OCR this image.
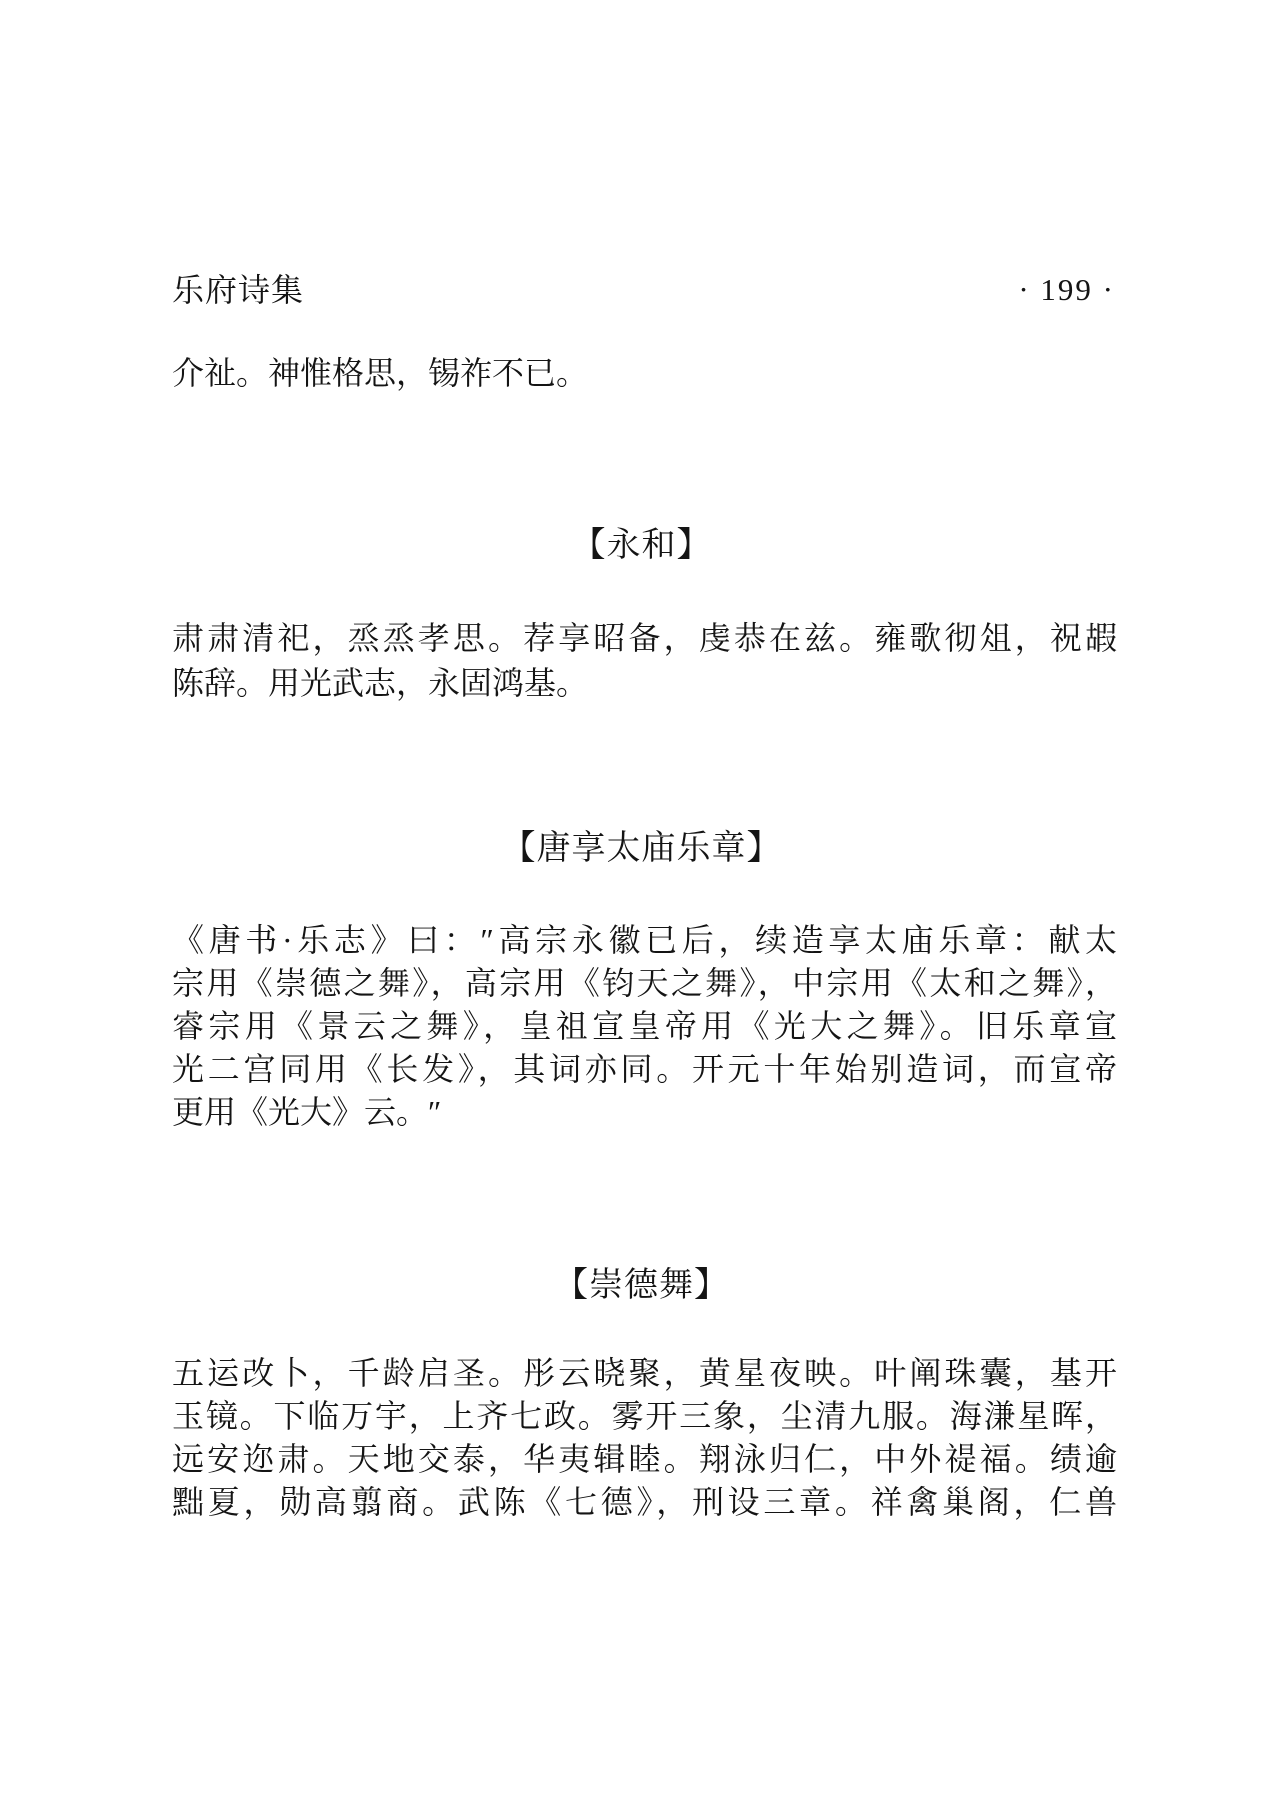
乐府诗集	· 199 ·
介祉。神惟格思，锡祚不已。
【永和】
肃肃清祀，烝烝孝思。荐享昭备，虔恭在兹。雍歌彻俎，祝嘏
陈辞。用光武志，永固鸿基。
【唐享太庙乐章】
《唐书·乐志》曰：″高宗永徽已后，续造享太庙乐章：献太
宗用《崇德之舞》，高宗用《钧天之舞》，中宗用《太和之舞》，
睿宗用《景云之舞》，皇祖宣皇帝用《光大之舞》。旧乐章宣
光二宫同用《长发》，其词亦同。开元十年始别造词，而宣帝
更用《光大》云。″
【崇德舞】
五运改卜，千龄启圣。彤云晓聚，黄星夜映。叶阐珠囊，基开
玉镜。下临万宇，上齐七政。雾开三象，尘清九服。海溓星晖，
远安迩肃。天地交泰，华夷辑睦。翔泳归仁，中外禔福。绩逾
黜夏，勋高翦商。武陈《七德》，刑设三章。祥禽巢阁，仁兽
